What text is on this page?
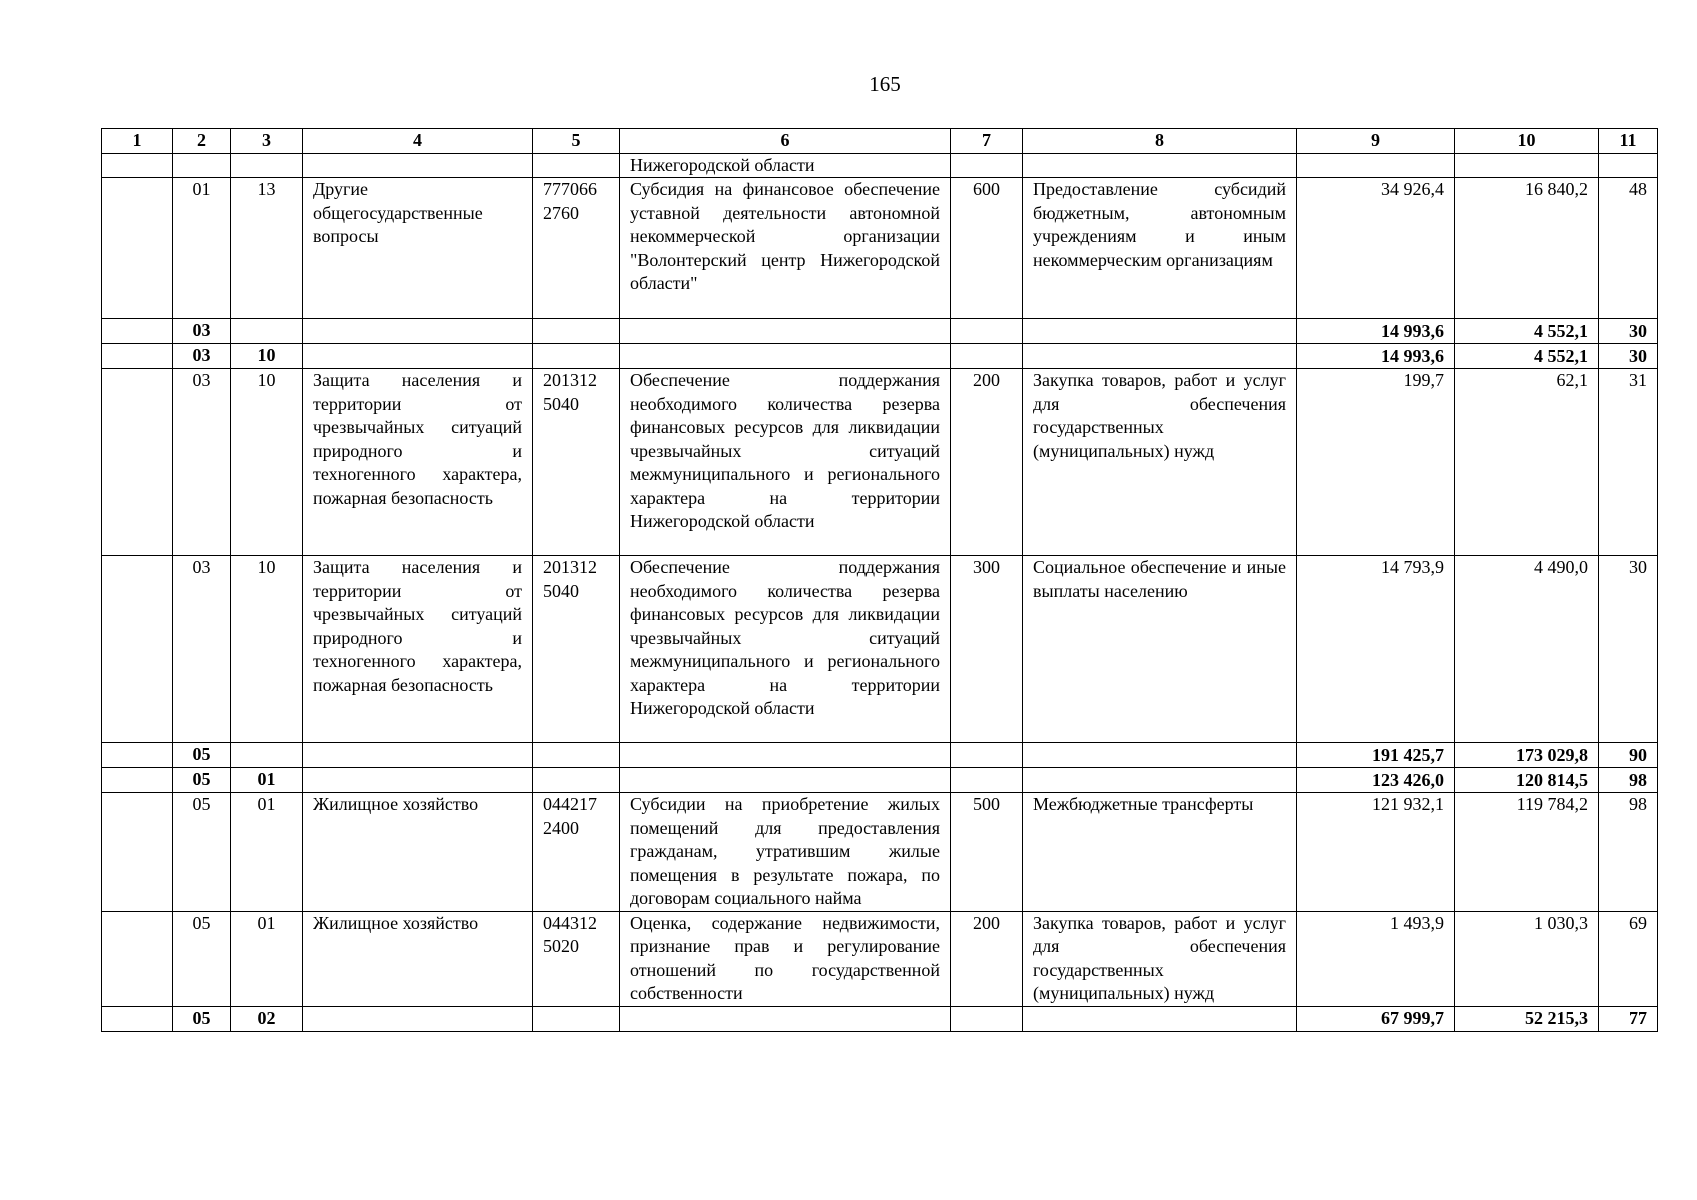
165
1	2	3	4	5	6	7	8	9	10	11
					Нижегородской области					
	01	13	Другие общегосударственные вопросы	777066 2760	Субсидия на финансовое обеспечение уставной деятельности автономной некоммерческой организации "Волонтерский центр Нижегородской области"	600	Предоставление субсидий бюджетным, автономным учреждениям и иным некоммерческим организациям	34 926,4	16 840,2	48
	03							14 993,6	4 552,1	30
	03	10						14 993,6	4 552,1	30
	03	10	Защита населения и территории от чрезвычайных ситуаций природного и техногенного характера, пожарная безопасность	201312 5040	Обеспечение поддержания необходимого количества резерва финансовых ресурсов для ликвидации чрезвычайных ситуаций межмуниципального и регионального характера на территории Нижегородской области	200	Закупка товаров, работ и услуг для обеспечения государственных (муниципальных) нужд	199,7	62,1	31
	03	10	Защита населения и территории от чрезвычайных ситуаций природного и техногенного характера, пожарная безопасность	201312 5040	Обеспечение поддержания необходимого количества резерва финансовых ресурсов для ликвидации чрезвычайных ситуаций межмуниципального и регионального характера на территории Нижегородской области	300	Социальное обеспечение и иные выплаты населению	14 793,9	4 490,0	30
	05							191 425,7	173 029,8	90
	05	01						123 426,0	120 814,5	98
	05	01	Жилищное хозяйство	044217 2400	Субсидии на приобретение жилых помещений для предоставления гражданам, утратившим жилые помещения в результате пожара, по договорам социального найма	500	Межбюджетные трансферты	121 932,1	119 784,2	98
	05	01	Жилищное хозяйство	044312 5020	Оценка, содержание недвижимости, признание прав и регулирование отношений по государственной собственности	200	Закупка товаров, работ и услуг для обеспечения государственных (муниципальных) нужд	1 493,9	1 030,3	69
	05	02						67 999,7	52 215,3	77
